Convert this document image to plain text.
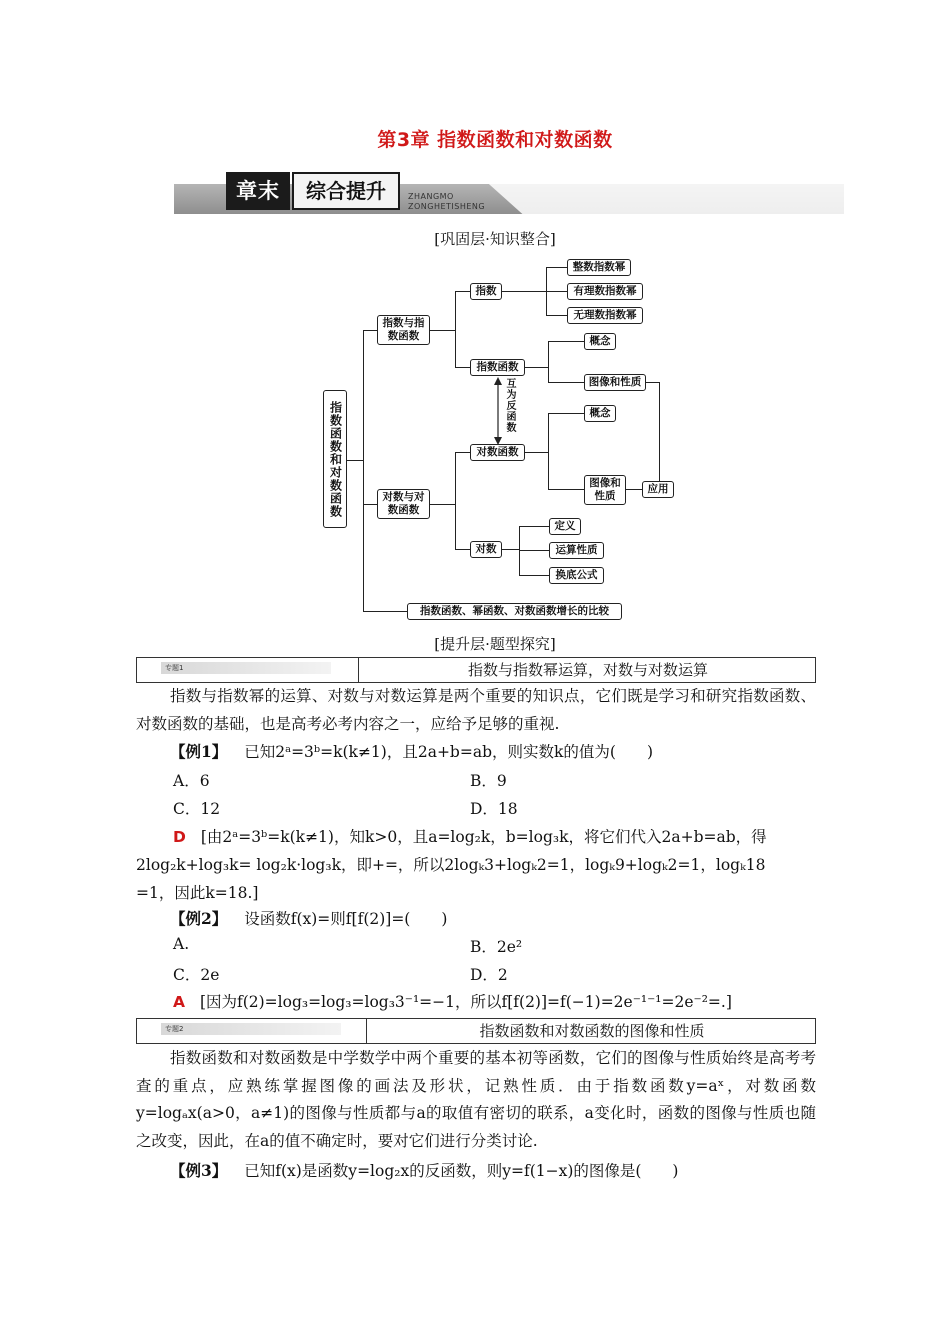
第3章 指数函数和对数函数
章末	综合提升	ZHANGMO
ZONGHETISHENG
[巩固层·知识整合]
互为反函数
指数函数和对数函数
指数与指数函数
指数
整数指数幂
有理数指数幂
无理数指数幂
指数函数
概念
图像和性质
对数函数
概念
图像和性质
应用
对数与对数函数
对数
定义
运算性质
换底公式
指数函数、幂函数、对数函数增长的比较
[提升层·题型探究]
专题1	指数与指数幂运算，对数与对数运算
指数与指数幂的运算、对数与对数运算是两个重要的知识点，它们既是学习和研究指数函数、对数函数的基础，也是高考必考内容之一，应给予足够的重视.
【例1】 已知2ᵃ=3ᵇ=k(k≠1)，且2a+b=ab，则实数k的值为(　　)
A．6	B．9
C．12	D．18
D [由2ᵃ=3ᵇ=k(k≠1)，知k>0，且a=log₂k，b=log₃k，将它们代入2a+b=ab，得
2log₂k+log₃k= log₂k·log₃k，即+=，所以2logₖ3+logₖ2=1，logₖ9+logₖ2=1，logₖ18
=1，因此k=18.]
【例2】 设函数f(x)=则f[f(2)]=(　　)
A.	B．2e²
C．2e	D．2
A [因为f(2)=log₃=log₃=log₃3⁻¹=−1，所以f[f(2)]=f(−1)=2e⁻¹⁻¹=2e⁻²=.]
专题2	指数函数和对数函数的图像和性质
指数函数和对数函数是中学数学中两个重要的基本初等函数，它们的图像与性质始终是高考考查的重点，应熟练掌握图像的画法及形状，记熟性质．由于指数函数y=aˣ，对数函数y=logₐx(a>0，a≠1)的图像与性质都与a的取值有密切的联系，a变化时，函数的图像与性质也随之改变，因此，在a的值不确定时，要对它们进行分类讨论.
【例3】 已知f(x)是函数y=log₂x的反函数，则y=f(1−x)的图像是(　　)
